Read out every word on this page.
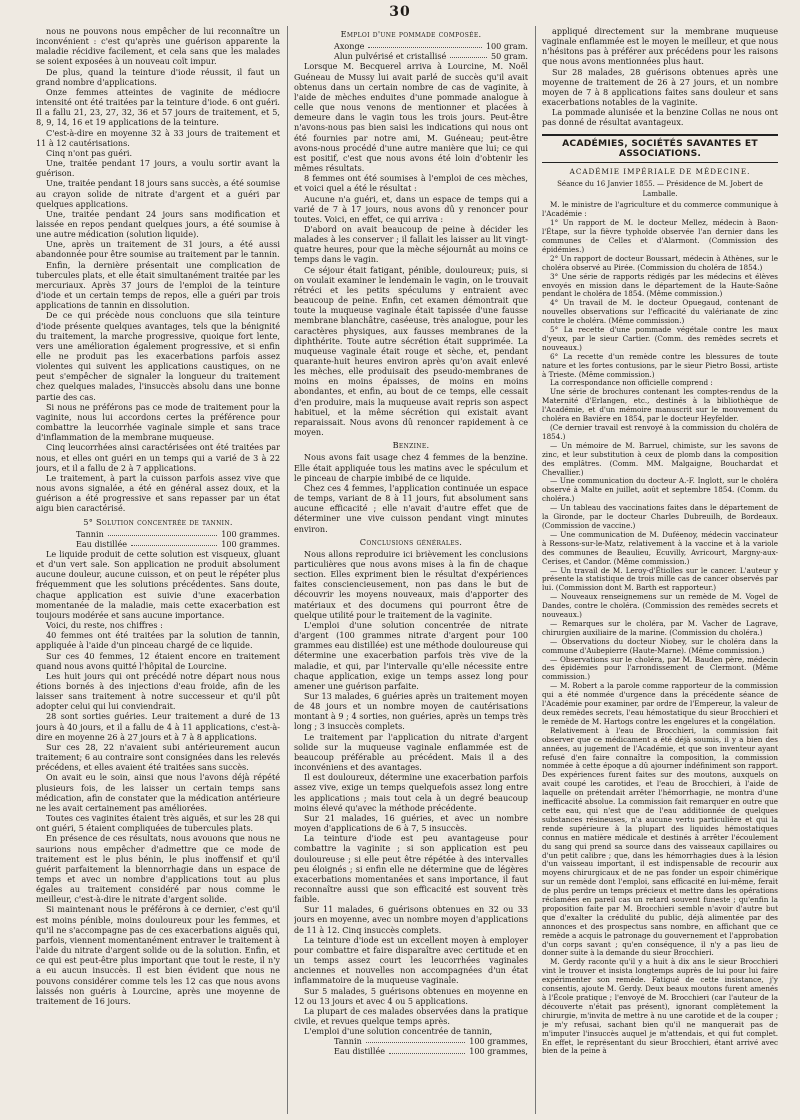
30

nous ne pouvons nous empêcher de lui reconnaître un inconvénient : c'est qu'après une guérison apparente la maladie récidive facilement, et cela sans que les malades se soient exposées à un nouveau coït impur.

De plus, quand la teinture d'iode réussit, il faut un grand nombre d'applications.

Onze femmes atteintes de vaginite de médiocre intensité ont été traitées par la teinture d'iode. 6 ont guéri. Il a fallu 21, 23, 27, 32, 36 et 57 jours de traitement, et 5, 8, 9, 14, 16 et 19 applications de la teinture.

C'est-à-dire en moyenne 32 à 33 jours de traitement et 11 à 12 cautérisations.

Cinq n'ont pas guéri.

Une, traitée pendant 17 jours, a voulu sortir avant la guérison.

Une, traitée pendant 18 jours sans succès, a été soumise au crayon solide de nitrate d'argent et a guéri par quelques applications.

Une, traitée pendant 24 jours sans modification et laissée en repos pendant quelques jours, a été soumise à une autre médication (solution liquide).

Une, après un traitement de 31 jours, a été aussi abandonnée pour être soumise au traitement par le tannin.

Enfin, la dernière présentait une complication de tubercules plats, et elle était simultanément traitée par les mercuriaux. Après 37 jours de l'emploi de la teinture d'iode et un certain temps de repos, elle a guéri par trois applications de tannin en dissolution.

De ce qui précède nous concluons que sila teinture d'iode présente quelques avantages, tels que la bénignité du traitement, la marche progressive, quoique fort lente, vers une amélioration également progressive, et si enfin elle ne produit pas les exacerbations parfois assez violentes qui suivent les applications caustiques, on ne peut s'empêcher de signaler la longueur du traitement chez quelques malades, l'insuccès absolu dans une bonne partie des cas.

Si nous ne préférons pas ce mode de traitement pour la vaginite, nous lui accordons certes la préférence pour combattre la leucorrhée vaginale simple et sans trace d'inflammation de la membrane muqueuse.

Cinq leucorrhées ainsi caractérisées ont été traitées par nous, et elles ont guéri en un temps qui a varié de 3 à 22 jours, et il a fallu de 2 à 7 applications.

Le traitement, à part la cuisson parfois assez vive que nous avons signalée, a été en général assez doux, et la guérison a été progressive et sans repasser par un état aigu bien caractérisé.

5° Solution concentrée de tannin.

Tannin	100 grammes.
Eau distillée	100 grammes.

Le liquide produit de cette solution est visqueux, gluant et d'un vert sale. Son application ne produit absolument aucune douleur, aucune cuisson, et on peut le répéter plus fréquemment que les solutions précédentes. Sans doute, chaque application est suivie d'une exacerbation momentanée de la maladie, mais cette exacerbation est toujours modérée et sans aucune importance.

Voici, du reste, nos chiffres :

40 femmes ont été traitées par la solution de tannin, appliquée à l'aide d'un pinceau chargé de ce liquide.

Sur ces 40 femmes, 12 étaient encore en traitement quand nous avons quitté l'hôpital de Lourcine.

Les huit jours qui ont précédé notre départ nous nous étions bornés à des injections d'eau froide, afin de les laisser sans traitement à notre successeur et qu'il pût adopter celui qui lui conviendrait.

28 sont sorties guéries. Leur traitement a duré de 13 jours à 40 jours, et il a fallu de 4 à 11 applications, c'est-à-dire en moyenne 26 à 27 jours et à 7 à 8 applications.

Sur ces 28, 22 n'avaient subi antérieurement aucun traitement; 6 au contraire sont consignées dans les relevés précédens, et elles avaient été traitées sans succès.

On avait eu le soin, ainsi que nous l'avons déjà répété plusieurs fois, de les laisser un certain temps sans médication, afin de constater que la médication antérieure ne les avait certainement pas améliorées.

Toutes ces vaginites étaient très aiguës, et sur les 28 qui ont guéri, 5 étaient compliquées de tubercules plats.

En présence de ces résultats, nous avouons que nous ne saurions nous empêcher d'admettre que ce mode de traitement est le plus bénin, le plus inoffensif et qu'il guérit parfaitement la blennorrhagie dans un espace de temps et avec un nombre d'applications tout au plus égales au traitement considéré par nous comme le meilleur, c'est-à-dire le nitrate d'argent solide.

Si maintenant nous le préférons à ce dernier, c'est qu'il est moins pénible, moins douloureux pour les femmes, et qu'il ne s'accompagne pas de ces exacerbations aiguës qui, parfois, viennent momentanément entraver le traitement à l'aide du nitrate d'argent solide ou de la solution. Enfin, et ce qui est peut-être plus important que tout le reste, il n'y a eu aucun insuccès. Il est bien évident que nous ne pouvons considérer comme tels les 12 cas que nous avons laissés non guéris à Lourcine, après une moyenne de traitement de 16 jours.

Emploi d'une pommade composée.

Axonge	100 gram.
Alun pulvérisé et cristallisé	50 gram.

Lorsque M. Becquerel arriva à Lourcine, M. Noël Guéneau de Mussy lui avait parlé de succès qu'il avait obtenus dans un certain nombre de cas de vaginite, à l'aide de mèches enduites d'une pommade analogue à celle que nous venons de mentionner et placées à demeure dans le vagin tous les trois jours. Peut-être n'avons-nous pas bien saisi les indications qui nous ont été fournies par notre ami, M. Guéneau; peut-être avons-nous procédé d'une autre manière que lui; ce qui est positif, c'est que nous avons été loin d'obtenir les mêmes résultats.

8 femmes ont été soumises à l'emploi de ces mèches, et voici quel a été le résultat :

Aucune n'a guéri, et, dans un espace de temps qui a varié de 7 à 17 jours, nous avons dû y renoncer pour toutes. Voici, en effet, ce qui arriva :

D'abord on avait beaucoup de peine à décider les malades à les conserver ; il fallait les laisser au lit vingt-quatre heures, pour que la mèche séjournât au moins ce temps dans le vagin.

Ce séjour était fatigant, pénible, douloureux; puis, si on voulait examiner le lendemain le vagin, on le trouvait rétréci et les petits spéculums y entraient avec beaucoup de peine. Enfin, cet examen démontrait que toute la muqueuse vaginale était tapissée d'une fausse membrane blanchâtre, caséeuse, très analogue, pour les caractères physiques, aux fausses membranes de la diphthérite. Toute autre sécrétion était supprimée. La muqueuse vaginale était rouge et sèche, et, pendant quarante-huit heures environ après qu'on avait enlevé les mèches, elle produisait des pseudo-membranes de moins en moins épaisses, de moins en moins abondantes, et enfin, au bout de ce temps, elle cessait d'en produire, mais la muqueuse avait repris son aspect habituel, et la même sécrétion qui existait avant reparaissait. Nous avons dû renoncer rapidement à ce moyen.

Benzine.

Nous avons fait usage chez 4 femmes de la benzine. Elle était appliquée tous les matins avec le spéculum et le pinceau de charpie imbibé de ce liquide.

Chez ces 4 femmes, l'application continuée un espace de temps, variant de 8 à 11 jours, fut absolument sans aucune efficacité ; elle n'avait d'autre effet que de déterminer une vive cuisson pendant vingt minutes environ.

Conclusions générales.

Nous allons reproduire ici brièvement les conclusions particulières que nous avons mises à la fin de chaque section. Elles expriment bien le résultat d'expériences faites consciencieusement, non pas dans le but de découvrir les moyens nouveaux, mais d'apporter des matériaux et des documens qui pourront être de quelque utilité pour le traitement de la vaginite.

L'emploi d'une solution concentrée de nitrate d'argent (100 grammes nitrate d'argent pour 100 grammes eau distillée) est une méthode douloureuse qui détermine une exacerbation parfois très vive de la maladie, et qui, par l'intervalle qu'elle nécessite entre chaque application, exige un temps assez long pour amener une guérison parfaite.

Sur 13 malades, 6 guéries après un traitement moyen de 48 jours et un nombre moyen de cautérisations montant à 9 ; 4 sorties, non guéries, après un temps très long ; 3 insuccès complets.

Le traitement par l'application du nitrate d'argent solide sur la muqueuse vaginale enflammée est de beaucoup préférable au précédent. Mais il a des inconvéniens et des avantages.

Il est douloureux, détermine une exacerbation parfois assez vive, exige un temps quelquefois assez long entre les applications ; mais tout cela à un degré beaucoup moins élevé qu'avec la méthode précédente.

Sur 21 malades, 16 guéries, et avec un nombre moyen d'applications de 6 à 7, 5 insuccès.

La teinture d'iode est peu avantageuse pour combattre la vaginite ; si son application est peu douloureuse ; si elle peut être répétée à des intervalles peu éloignés ; si enfin elle ne détermine que de légères exacerbations momentanées et sans importance, il faut reconnaître aussi que son efficacité est souvent très faible.

Sur 11 malades, 6 guérisons obtenues en 32 ou 33 jours en moyenne, avec un nombre moyen d'applications de 11 à 12. Cinq insuccès complets.

La teinture d'iode est un excellent moyen à employer pour combattre et faire disparaître avec certitude et en un temps assez court les leucorrhées vaginales anciennes et nouvelles non accompagnées d'un état inflammatoire de la muqueuse vaginale.

Sur 5 malades, 5 guérisons obtenues en moyenne en 12 ou 13 jours et avec 4 ou 5 applications.

La plupart de ces malades observées dans la pratique civile, et revues quelque temps après.

L'emploi d'une solution concentrée de tannin,

Tannin	100 grammes,
Eau distillée	100 grammes,

appliqué directement sur la membrane muqueuse vaginale enflammée est le moyen le meilleur, et que nous n'hésitons pas à préférer aux précédens pour les raisons que nous avons mentionnées plus haut.

Sur 28 malades, 28 guérisons obtenues après une moyenne de traitement de 26 à 27 jours, et un nombre moyen de 7 à 8 applications faites sans douleur et sans exacerbations notables de la vaginite.

La pommade alunisée et la benzine Collas ne nous ont pas donné de résultat avantageux.

ACADÉMIES, SOCIÉTÉS SAVANTES ET ASSOCIATIONS.

ACADÉMIE IMPÉRIALE DE MÉDECINE.

Séance du 16 Janvier 1855. — Présidence de M. Jobert de Lamballe.

M. le ministre de l'agriculture et du commerce communique à l'Académie :

1° Un rapport de M. le docteur Mellez, médecin à Baon-l'Étape, sur la fièvre typhoïde observée l'an dernier dans les communes de Celles et d'Alarmont. (Commission des épidémies.)

2° Un rapport de docteur Boussart, médecin à Athènes, sur le choléra observé au Pirée. (Commission du choléra de 1854.)

3° Une série de rapports rédigés par les médecins et élèves envoyés en mission dans le département de la Haute-Saône pendant le choléra de 1854. (Même commission.)

4° Un travail de M. le docteur Opuegaud, contenant de nouvelles observations sur l'efficacité du valérianate de zinc contre le choléra. (Même commission.)

5° La recette d'une pommade végétale contre les maux d'yeux, par le sieur Cartier. (Comm. des remèdes secrets et nouveaux.)

6° La recette d'un remède contre les blessures de toute nature et les fortes contusions, par le sieur Pietro Bossi, artiste à Trieste. (Même commission.)

La correspondance non officielle comprend :

Une série de brochures contenant les comptes-rendus de la Maternité d'Erlangen, etc., destinés à la bibliothèque de l'Académie, et d'un mémoire manuscrit sur le mouvement du choléra en Bavière en 1854, par le docteur Heyfelder.

(Ce dernier travail est renvoyé à la commission du choléra de 1854.)

— Un mémoire de M. Barruel, chimiste, sur les savons de zinc, et leur substitution à ceux de plomb dans la composition des emplâtres. (Comm. MM. Malgaigne, Bouchardat et Chevallier.)

— Une communication du docteur A.-F. Inglott, sur le choléra observé à Malte en juillet, août et septembre 1854. (Comm. du choléra.)

— Un tableau des vaccinations faites dans le département de la Gironde, par le docteur Charles Dubreuilh, de Bordeaux. (Commission de vaccine.)

— Une communication de M. Duféenoy, médecin vaccinateur à Ressons-sur-le-Matz, relativement à la vaccine et à la variole des communes de Beaulieu, Ecuvilly, Avricourt, Margny-aux-Cerises, et Candor. (Même commission.)

— Un travail de M. Leroy-d'Étiolles sur le cancer. L'auteur y présente la statistique de trois mille cas de cancer observés par lui. (Commission dont M. Barth est rapporteur.)

— Nouveaux renseignemens sur un remède de M. Vogel de Dandes, contre le choléra. (Commission des remèdes secrets et nouveaux.)

— Remarques sur le choléra, par M. Vacher de Lagrave, chirurgien auxiliaire de la marine. (Commission du choléra.)

— Observations du docteur Niobey, sur le choléra dans la commune d'Aubepierre (Haute-Marne). (Même commission.)

— Observations sur le choléra, par M. Bauden père, médecin des épidémies pour l'arrondissement de Clermont. (Même commission.)

— M. Robert a la parole comme rapporteur de la commission qui a été nommée d'urgence dans la précédente séance de l'Académie pour examiner, par ordre de l'Empereur, la valeur de deux remèdes secrets, l'eau hémostatique du sieur Brocchieri et le remède de M. Hartogs contre les engelures et la congélation.

Relativement à l'eau de Brocchieri, la commission fait observer que ce médicament a été déjà soumis, il y a bien des années, au jugement de l'Académie, et que son inventeur ayant refusé d'en faire connaître la composition, la commission nommée à cette époque a dû ajourner indéfiniment son rapport. Des expériences furent faites sur des moutons, auxquels on avait coupé les carotides, et l'eau de Brocchieri, à l'aide de laquelle on prétendait arrêter l'hémorrhagie, ne montra d'une inefficacité absolue. La commission fait remarquer en outre que cette eau, qui n'est que de l'eau additionnée de quelques substances résineuses, n'a aucune vertu particulière et qui la rende supérieure à la plupart des liquides hémostatiques connus en matière médicale et destinés à arrêter l'écoulement du sang qui prend sa source dans des vaisseaux capillaires ou d'un petit calibre ; que, dans les hémorrhagies dues à la lésion d'un vaisseau important, il est indispensable de recourir aux moyens chirurgicaux et de ne pas fonder un espoir chimérique sur un remède dont l'emploi, sans efficacité en lui-même, ferait de plus perdre un temps précieux et mettre dans les opérations réclamées en pareil cas un retard souvent funeste ; qu'enfin la proposition faite par M. Brocchieri semble n'avoir d'autre but que d'exalter la crédulité du public, déjà alimentée par des annonces et des prospectus sans nombre, en affichant que ce remède a acquis le patronage du gouvernement et l'approbation d'un corps savant ; qu'en conséquence, il n'y a pas lieu de donner suite à la demande du sieur Brocchieri.

M. Gerdy raconte qu'il y a huit à dix ans le sieur Brocchieri vint le trouver et insista longtemps auprès de lui pour lui faire expérimenter son remède. Fatigué de cette insistance, j'y consentis, ajoute M. Gerdy. Deux beaux moutons furent amenés à l'École pratique ; l'envoyé de M. Brocchieri (car l'auteur de la découverte n'était pas présent), ignorant complètement la chirurgie, m'invita de mettre à nu une carotide et de la couper ; je m'y refusai, sachant bien qu'il ne manquerait pas de m'imputer l'insuccès auquel je m'attendais, et qui fut complet. En effet, le représentant du sieur Brocchieri, étant arrivé avec bien de la peine à
